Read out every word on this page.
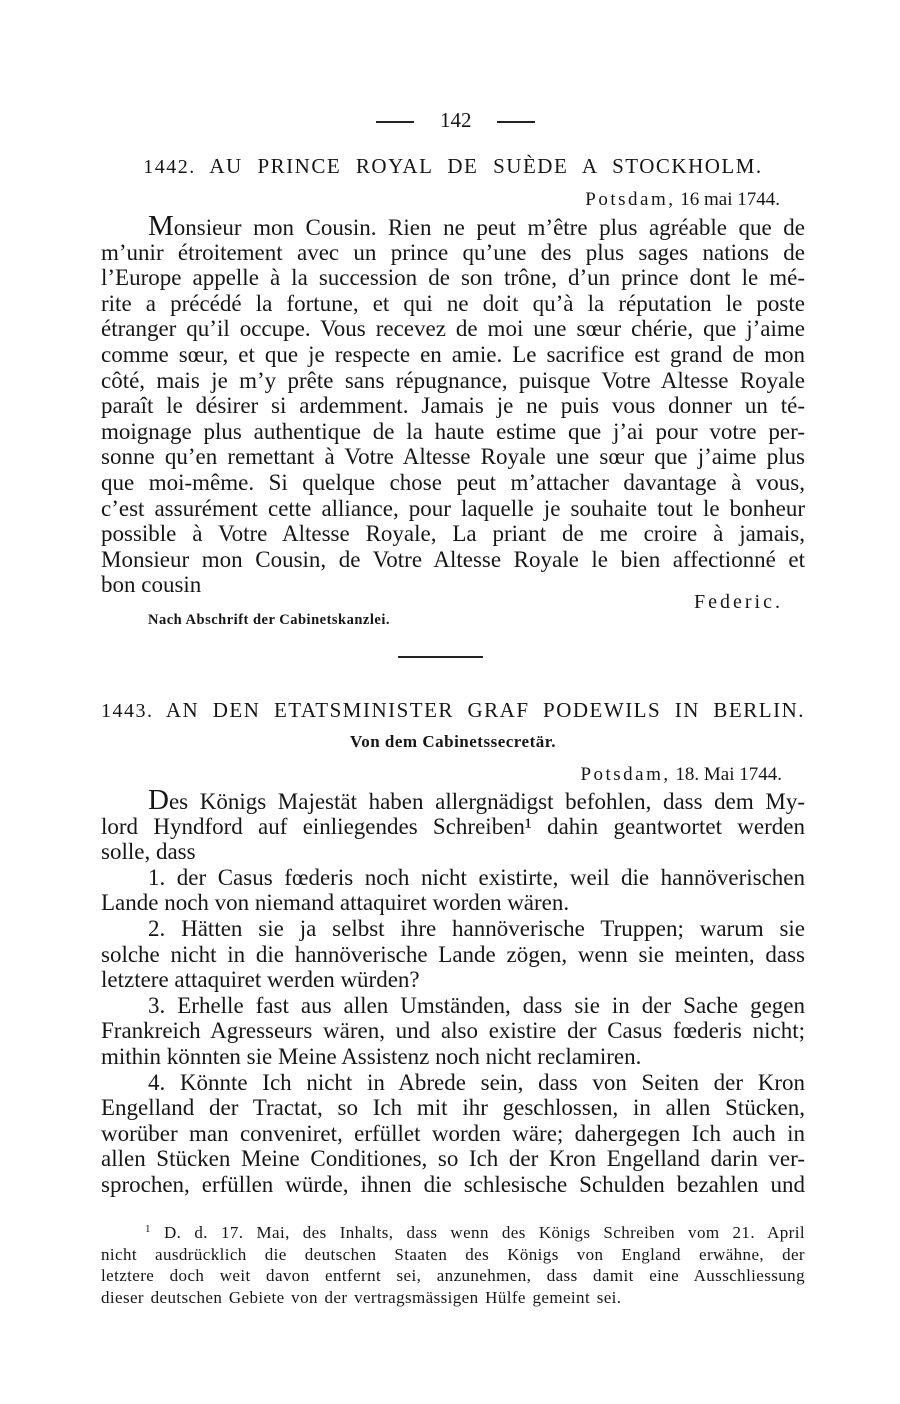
142
1442. AU PRINCE ROYAL DE SUÈDE A STOCKHOLM.
Potsdam, 16 mai 1744.
Monsieur mon Cousin. Rien ne peut m’être plus agréable que de
m’unir étroitement avec un prince qu’une des plus sages nations de
l’Europe appelle à la succession de son trône, d’un prince dont le mé-
rite a précédé la fortune, et qui ne doit qu’à la réputation le poste
étranger qu’il occupe. Vous recevez de moi une sœur chérie, que j’aime
comme sœur, et que je respecte en amie. Le sacrifice est grand de mon
côté, mais je m’y prête sans répugnance, puisque Votre Altesse Royale
paraît le désirer si ardemment. Jamais je ne puis vous donner un té-
moignage plus authentique de la haute estime que j’ai pour votre per-
sonne qu’en remettant à Votre Altesse Royale une sœur que j’aime plus
que moi-même. Si quelque chose peut m’attacher davantage à vous,
c’est assurément cette alliance, pour laquelle je souhaite tout le bonheur
possible à Votre Altesse Royale, La priant de me croire à jamais,
Monsieur mon Cousin, de Votre Altesse Royale le bien affectionné et
bon cousin
Federic.
Nach Abschrift der Cabinetskanzlei.
1443. AN DEN ETATSMINISTER GRAF PODEWILS IN BERLIN.
Von dem Cabinetssecretär.
Potsdam, 18. Mai 1744.
Des Königs Majestät haben allergnädigst befohlen, dass dem My-
lord Hyndford auf einliegendes Schreiben¹ dahin geantwortet werden
solle, dass
1. der Casus fœderis noch nicht existirte, weil die hannöverischen
Lande noch von niemand attaquiret worden wären.
2. Hätten sie ja selbst ihre hannöverische Truppen; warum sie
solche nicht in die hannöverische Lande zögen, wenn sie meinten, dass
letztere attaquiret werden würden?
3. Erhelle fast aus allen Umständen, dass sie in der Sache gegen
Frankreich Agresseurs wären, und also existire der Casus fœderis nicht;
mithin könnten sie Meine Assistenz noch nicht reclamiren.
4. Könnte Ich nicht in Abrede sein, dass von Seiten der Kron
Engelland der Tractat, so Ich mit ihr geschlossen, in allen Stücken,
worüber man conveniret, erfüllet worden wäre; dahergegen Ich auch in
allen Stücken Meine Conditiones, so Ich der Kron Engelland darin ver-
sprochen, erfüllen würde, ihnen die schlesische Schulden bezahlen und
$^1$ D. d. 17. Mai, des Inhalts, dass wenn des Königs Schreiben vom 21. April
nicht ausdrücklich die deutschen Staaten des Königs von England erwähne, der
letztere doch weit davon entfernt sei, anzunehmen, dass damit eine Ausschliessung
dieser deutschen Gebiete von der vertragsmässigen Hülfe gemeint sei.
